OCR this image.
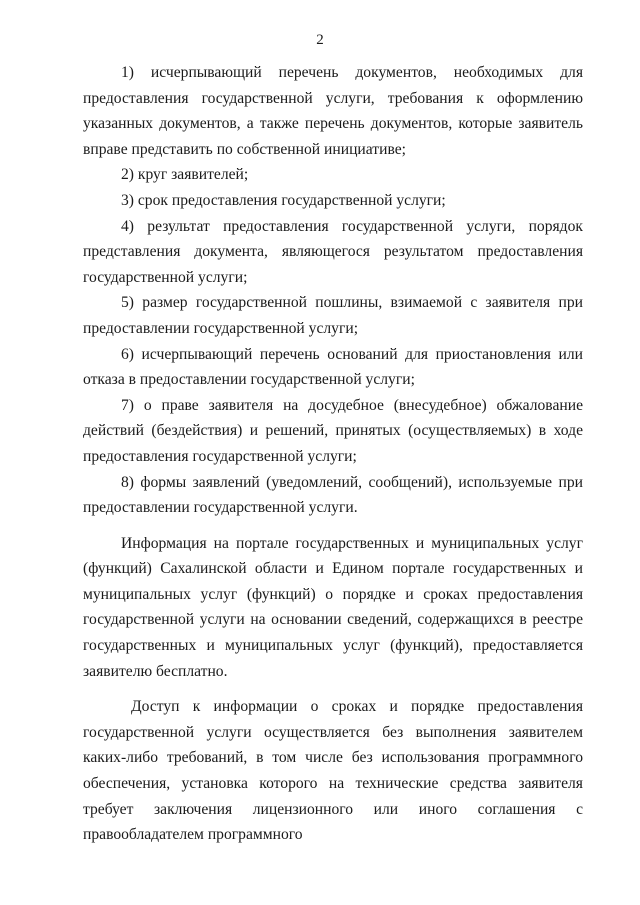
2

1) исчерпывающий перечень документов, необходимых для предоставления государственной услуги, требования к оформлению указанных документов, а также перечень документов, которые заявитель вправе представить по собственной инициативе;

2) круг заявителей;

3) срок предоставления государственной услуги;

4) результат предоставления государственной услуги, порядок представления документа, являющегося результатом предоставления государственной услуги;

5) размер государственной пошлины, взимаемой с заявителя при предоставлении государственной услуги;

6) исчерпывающий перечень оснований для приостановления или отказа в предоставлении государственной услуги;

7) о праве заявителя на досудебное (внесудебное) обжалование действий (бездействия) и решений, принятых (осуществляемых) в ходе предоставления государственной услуги;

8) формы заявлений (уведомлений, сообщений), используемые при предоставлении государственной услуги.

Информация на портале государственных и муниципальных услуг (функций) Сахалинской области и Едином портале государственных и муниципальных услуг (функций) о порядке и сроках предоставления государственной услуги на основании сведений, содержащихся в реестре государственных и муниципальных услуг (функций), предоставляется заявителю бесплатно.

Доступ к информации о сроках и порядке предоставления государственной услуги осуществляется без выполнения заявителем каких-либо требований, в том числе без использования программного обеспечения, установка которого на технические средства заявителя требует заключения лицензионного или иного соглашения с правообладателем программного
